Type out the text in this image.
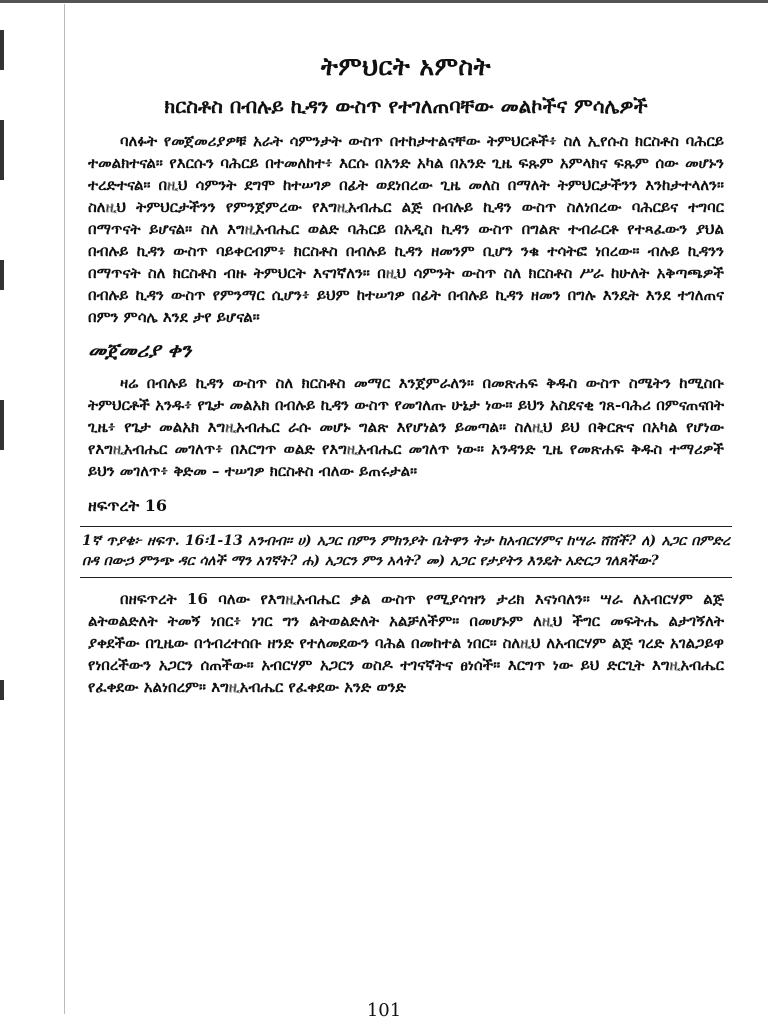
ትምህርት አምስት
ክርስቶስ በብሉይ ኪዳን ውስጥ የተገለጠባቸው መልኮችና ምሳሌዎች

ባለፉት የመጀመሪያዎቹ አራት ሳምንታት ውስጥ በተከታተልናቸው ትምህርቶች፥ ስለ ኢየሱስ ክርስቶስ ባሕርይ ተመልክተናል። የእርሱን ባሕርይ በተመለከተ፥ እርሱ በአንድ አካል በአንድ ጊዜ ፍጹም አምላክና ፍጹም ሰው መሆኑን ተረድተናል። በዚህ ሳምንት ደግሞ ከተሠገዎ በፊት ወደነበረው ጊዜ መለስ በማለት ትምህርታችንን እንከታተላለን። ስለዚህ ትምህርታችንን የምንጀምረው የእግዚአብሔር ልጅ በብሉይ ኪዳን ውስጥ ስለነበረው ባሕርይና ተግባር በማጥናት ይሆናል። ስለ እግዚአብሔር ወልድ ባሕርይ በአዲስ ኪዳን ውስጥ በግልጽ ተብራርቶ የተጻፈውን ያህል በብሉይ ኪዳን ውስጥ ባይቀርብም፥ ክርስቶስ በብሉይ ኪዳን ዘመንም ቢሆን ንቁ ተሳትፎ ነበረው። ብሉይ ኪዳንን በማጥናት ስለ ክርስቶስ ብዙ ትምህርት እናገኛለን። በዚህ ሳምንት ውስጥ ስለ ክርስቶስ ሥራ ከሁለት አቅጣጫዎች በብሉይ ኪዳን ውስጥ የምንማር ሲሆን፥ ይህም ከተሠገዎ በፊት በብሉይ ኪዳን ዘመን በግሉ እንዴት እንደ ተገለጠና በምን ምሳሌ እንደ ታየ ይሆናል።

መጀመሪያ ቀን

ዛሬ በብሉይ ኪዳን ውስጥ ስለ ክርስቶስ መማር እንጀምራለን። በመጽሐፍ ቅዱስ ውስጥ ስሜትን ከሚስቡ ትምህርቶች አንዱ፥ የጌታ መልአክ በብሉይ ኪዳን ውስጥ የመገለጡ ሁኔታ ነው። ይህን አስደናቂ ገጸ-ባሕሪ በምናጠናበት ጊዜ፥ የጌታ መልአክ እግዚአብሔር ራሱ መሆኑ ግልጽ እየሆነልን ይመጣል። ስለዚህ ይህ በቅርጽና በአካል የሆነው የእግዚአብሔር መገለጥ፥ በእርግጥ ወልድ የእግዚአብሔር መገለጥ ነው። አንዳንድ ጊዜ የመጽሐፍ ቅዱስ ተማሪዎች ይህን መገለጥ፥ ቅድመ – ተሠገዎ ክርስቶስ ብለው ይጠሩታል።

ዘፍጥረት 16
1ኛ ጥያቄ፦ ዘፍጥ. 16፡1-13 አንብብ። ሀ) አጋር በምን ምክንያት ቤትዋን ትታ ከአብርሃምና ከሣራ ሸሸች? ለ) አጋር በምድረ በዳ በውኃ ምንጭ ዳር ሳለች ማን አገኛት? ሐ) አጋርን ምን አላት? መ) አጋር የታያትን እንዴት አድርጋ ገለጸችው?

በዘፍጥረት 16 ባለው የእግዚአብሔር ቃል ውስጥ የሚያሳዝን ታሪክ እናነባለን። ሣራ ለአብርሃም ልጅ ልትወልድለት ትመኝ ነበር፥ ነገር ግን ልትወልድለት አልቻለችም። በመሆኑም ለዚህ ችግር መፍትሔ ልታገኝለት ያቀደችው በጊዜው በኅብረተሰቡ ዘንድ የተለመደውን ባሕል በመከተል ነበር። ስለዚህ ለአብርሃም ልጅ ገረድ አገልጋይዋ የነበረችውን አጋርን ሰጠችው። አብርሃም አጋርን ወስዶ ተገናኛትና ፀነሰች። እርግጥ ነው ይህ ድርጊት እግዚአብሔር የፈቀደው አልነበረም። እግዚአብሔር የፈቀደው አንድ ወንድ

101
